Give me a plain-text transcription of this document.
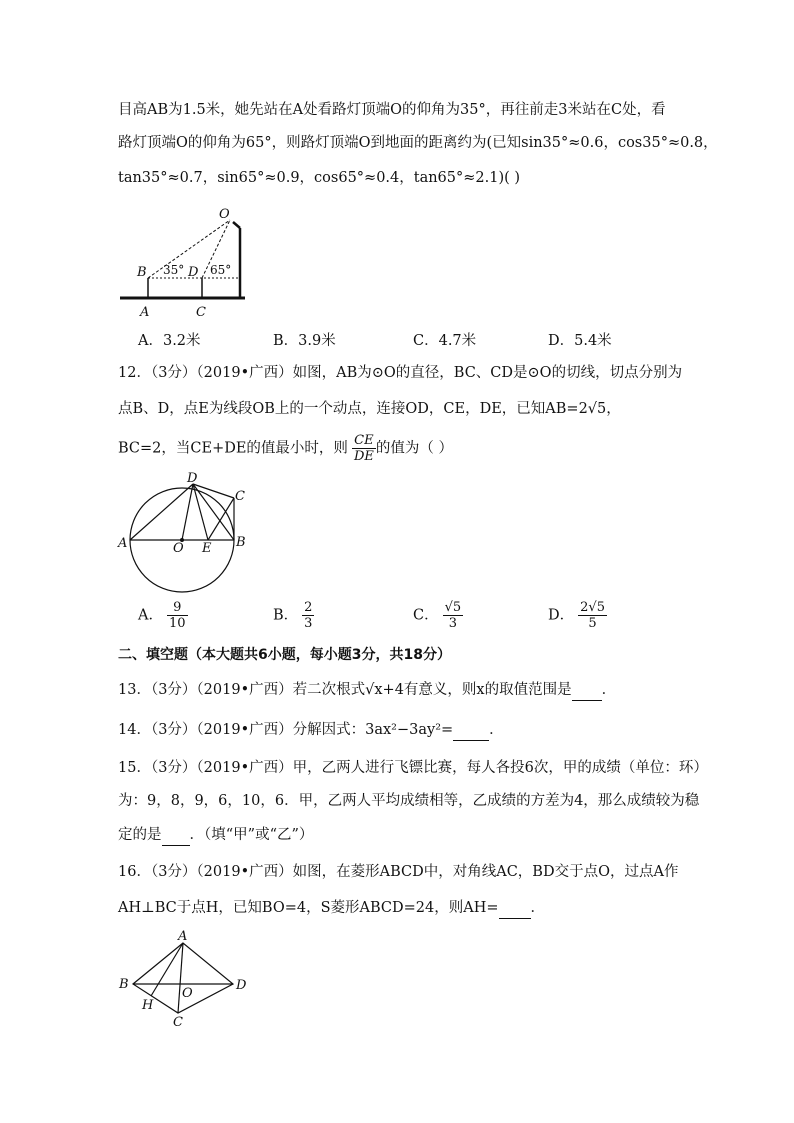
目高AB为1.5米，她先站在A处看路灯顶端O的仰角为35°，再往前走3米站在C处，看
路灯顶端O的仰角为65°，则路灯顶端O到地面的距离约为(已知sin35°≈0.6，cos35°≈0.8，
tan35°≈0.7，sin65°≈0.9，cos65°≈0.4，tan65°≈2.1)( )
O
B 35° D 65°
A	C
A．3.2米	B．3.9米	C．4.7米	D．5.4米
12．（3分）（2019•广西）如图，AB为⊙O的直径，BC、CD是⊙O的切线，切点分别为
点B、D，点E为线段OB上的一个动点，连接OD，CE，DE，已知AB=2√5，
BC=2，当CE+DE的值最小时，则 $\frac{CE}{DE}$ 的值为（ ）
D
C
A	O E B
A． $\frac{9}{10}$	B． $\frac{2}{3}$	C． $\frac{√5}{3}$	D． $\frac{2√5}{5}$
二、填空题（本大题共6小题，每小题3分，共18分）
13．（3分）（2019•广西）若二次根式√x+4有意义，则x的取值范围是 ．
14．（3分）（2019•广西）分解因式：3ax²−3ay²= ．
15．（3分）（2019•广西）甲，乙两人进行飞镖比赛，每人各投6次，甲的成绩（单位：环）
为：9，8，9，6，10，6．甲，乙两人平均成绩相等，乙成绩的方差为4，那么成绩较为稳
定的是 ．（填“甲”或“乙”）
16．（3分）（2019•广西）如图，在菱形ABCD中，对角线AC，BD交于点O，过点A作
AH⊥BC于点H，已知BO=4，S菱形ABCD=24，则AH= ．
A
B	D
O
H
C
